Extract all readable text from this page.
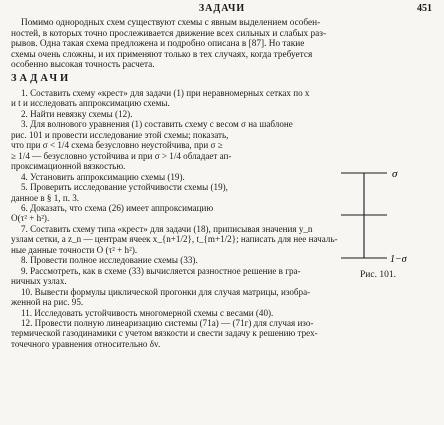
ЗАДАЧИ	451
Помимо однородных схем существуют схемы с явным выделением особен-
ностей, в которых точно прослеживается движение всех сильных и слабых раз-
рывов. Одна такая схема предложена и подробно описана в [87]. Но такие
схемы очень сложны, и их применяют только в тех случаях, когда требуется
особенно высокая точность расчета.
ЗАДАЧИ
1. Составить схему «крест» для задачи (1) при неравномерных сетках по x
и t и исследовать аппроксимацию схемы.
2. Найти невязку схемы (12).
3. Для волнового уравнения (1) составить схему с весом σ на шаблоне
рис. 101 и провести исследование этой схемы; показать,
что при σ < 1/4 схема безусловно неустойчива, при σ ≥
≥ 1/4 — безусловно устойчива и при σ > 1/4 обладает ап-
проксимационной вязкостью.
4. Установить аппроксимацию схемы (19).
5. Проверить исследование устойчивости схемы (19),
данное в § 1, п. 3.
6. Доказать, что схема (26) имеет аппроксимацию
O(τ² + h²).
7. Составить схему типа «крест» для задачи (18), приписывая значения y_n
узлам сетки, а z_n — центрам ячеек x_{n+1/2}, t_{m+1/2}; написать для нее началь-
ные данные точности O (τ² + h²).
8. Провести полное исследование схемы (33).
9. Рассмотреть, как в схеме (33) вычисляется разностное решение в гра-
ничных узлах.
10. Вывести формулы циклической прогонки для случая матрицы, изобра-
женной на рис. 95.
11. Исследовать устойчивость многомерной схемы с весами (40).
12. Провести полную линеаризацию системы (71а) — (71г) для случая изо-
термической газодинамики с учетом вязкости и свести задачу к решению трех-
точечного уравнения относительно δv.
σ
1−σ
Рис. 101.
